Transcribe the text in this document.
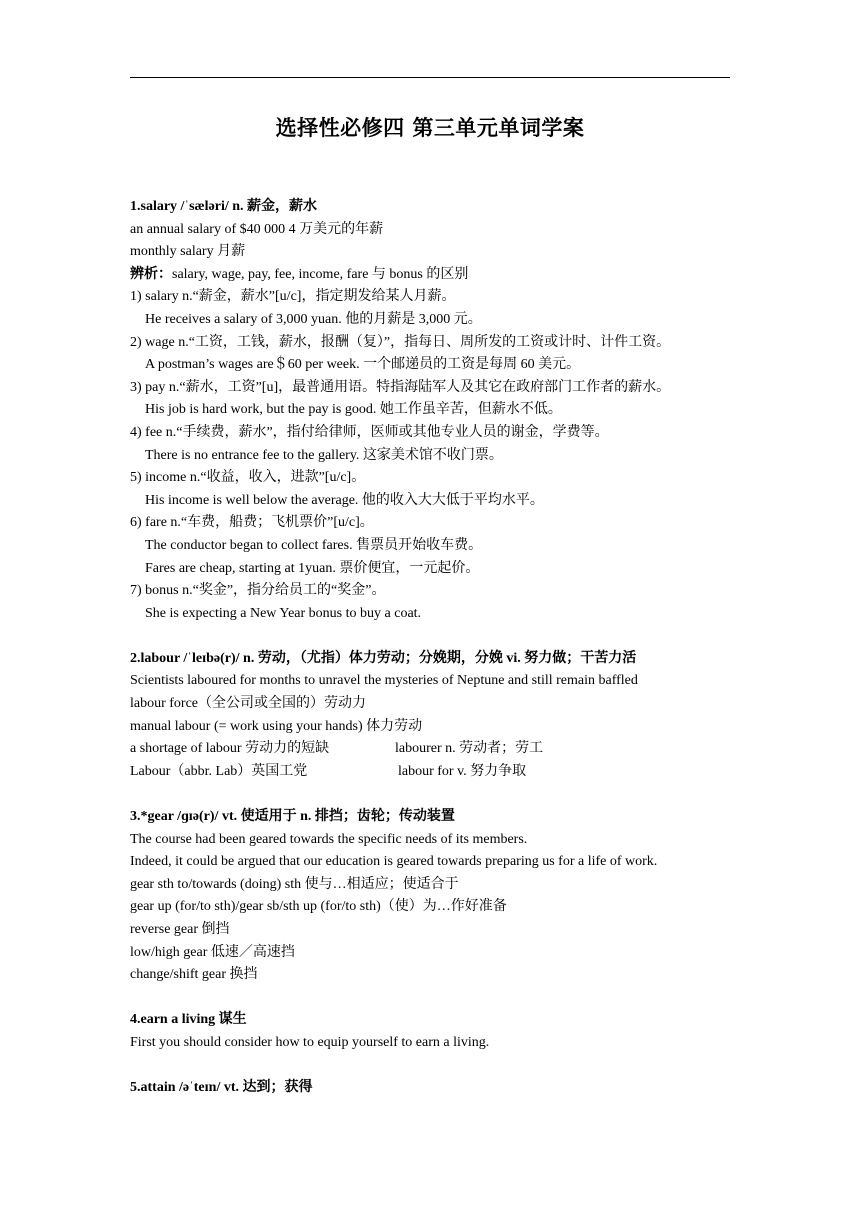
选择性必修四 第三单元单词学案
1.salary /ˈsæləri/ n. 薪金，薪水
an annual salary of $40 000 4 万美元的年薪
monthly salary 月薪
辨析：salary, wage, pay, fee, income, fare 与 bonus 的区别
1) salary n.“薪金，薪水”[u/c]，指定期发给某人月薪。
He receives a salary of 3,000 yuan. 他的月薪是 3,000 元。
2) wage n.“工资，工钱，薪水，报酬（复）”，指每日、周所发的工资或计时、计件工资。
A postman’s wages are＄60 per week. 一个邮递员的工资是每周 60 美元。
3) pay n.“薪水，工资”[u]，最普通用语。特指海陆军人及其它在政府部门工作者的薪水。
His job is hard work, but the pay is good. 她工作虽辛苦，但薪水不低。
4) fee n.“手续费，薪水”，指付给律师，医师或其他专业人员的谢金，学费等。
There is no entrance fee to the gallery. 这家美术馆不收门票。
5) income n.“收益，收入，进款”[u/c]。
His income is well below the average. 他的收入大大低于平均水平。
6) fare n.“车费，船费；飞机票价”[u/c]。
The conductor began to collect fares. 售票员开始收车费。
Fares are cheap, starting at 1yuan. 票价便宜，一元起价。
7) bonus n.“奖金”，指分给员工的“奖金”。
She is expecting a New Year bonus to buy a coat.
2.labour /ˈleɪbə(r)/ n. 劳动，（尤指）体力劳动；分娩期，分娩 vi. 努力做；干苦力活
Scientists laboured for months to unravel the mysteries of Neptune and still remain baffled
labour force（全公司或全国的）劳动力
manual labour (= work using your hands) 体力劳动
a shortage of labour 劳动力的短缺	labourer n. 劳动者；劳工
Labour（abbr. Lab）英国工党	labour for v. 努力争取
3.*gear /ɡɪə(r)/ vt. 使适用于 n. 排挡；齿轮；传动装置
The course had been geared towards the specific needs of its members.
Indeed, it could be argued that our education is geared towards preparing us for a life of work.
gear sth to/towards (doing) sth 使与…相适应；使适合于
gear up (for/to sth)/gear sb/sth up (for/to sth)（使）为…作好准备
reverse gear 倒挡
low/high gear 低速／高速挡
change/shift gear 换挡
4.earn a living 谋生
First you should consider how to equip yourself to earn a living.
5.attain /əˈteɪn/ vt. 达到；获得
